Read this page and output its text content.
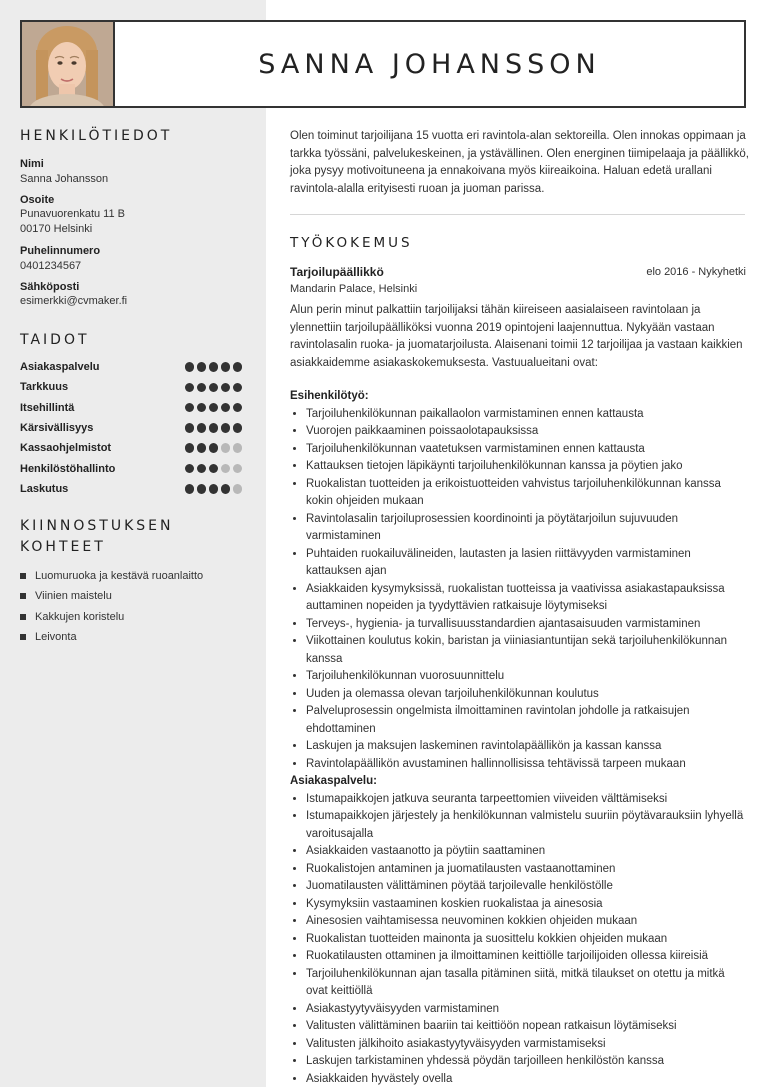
SANNA JOHANSSON
HENKILÖTIEDOT
Nimi
Sanna Johansson
Osoite
Punavuorenkatu 11 B
00170 Helsinki
Puhelinnumero
0401234567
Sähköposti
esimerkki@cvmaker.fi
TAIDOT
Asiakaspalvelu
Tarkkuus
Itsehillintä
Kärsivällisyys
Kassaohjelmistot
Henkilöstöhallinto
Laskutus
KIINNOSTUKSEN
KOHTEET
Luomuruoka ja kestävä ruoanlaitto
Viinien maistelu
Kakkujen koristelu
Leivonta

Olen toiminut tarjoilijana 15 vuotta eri ravintola-alan sektoreilla. Olen innokas oppimaan ja tarkka työssäni, palvelukeskeinen, ja ystävällinen. Olen energinen tiimipelaaja ja päällikkö, joka pysyy motivoituneena ja ennakoivana myös kiireaikoina. Haluan edetä urallani ravintola-alalla erityisesti ruoan ja juoman parissa.

TYÖKOKEMUS
Tarjoilupäällikkö	elo 2016 - Nykyhetki
Mandarin Palace, Helsinki

Alun perin minut palkattiin tarjoilijaksi tähän kiireiseen aasialaiseen ravintolaan ja ylennettiin tarjoilupäälliköksi vuonna 2019 opintojeni laajennuttua. Nykyään vastaan ravintolasalin ruoka- ja juomatarjoilusta. Alaisenani toimii 12 tarjoilijaa ja vastaan kaikkien asiakkaidemme asiakaskokemuksesta. Vastuualueitani ovat:

Esihenkilötyö:
• Tarjoiluhenkilökunnan paikallaolon varmistaminen ennen kattausta
• Vuorojen paikkaaminen poissaolotapauksissa
• Tarjoiluhenkilökunnan vaatetuksen varmistaminen ennen kattausta
• Kattauksen tietojen läpikäynti tarjoiluhenkilökunnan kanssa ja pöytien jako
• Ruokalistan tuotteiden ja erikoistuotteiden vahvistus tarjoiluhenkilökunnan kanssa kokin ohjeiden mukaan
• Ravintolasalin tarjoiluprosessien koordinointi ja pöytätarjoilun sujuvuuden varmistaminen
• Puhtaiden ruokailuvälineiden, lautasten ja lasien riittävyyden varmistaminen kattauksen ajan
• Asiakkaiden kysymyksissä, ruokalistan tuotteissa ja vaativissa asiakastapauksissa auttaminen nopeiden ja tyydyttävien ratkaisuje löytymiseksi
• Terveys-, hygienia- ja turvallisuusstandardien ajantasaisuuden varmistaminen
• Viikottainen koulutus kokin, baristan ja viiniasiantuntijan sekä tarjoiluhenkilökunnan kanssa
• Tarjoiluhenkilökunnan vuorosuunnittelu
• Uuden ja olemassa olevan tarjoiluhenkilökunnan koulutus
• Palveluprosessin ongelmista ilmoittaminen ravintolan johdolle ja ratkaisujen ehdottaminen
• Laskujen ja maksujen laskeminen ravintolapäällikön ja kassan kanssa
• Ravintolapäällikön avustaminen hallinnollisissa tehtävissä tarpeen mukaan
Asiakaspalvelu:
• Istumapaikkojen jatkuva seuranta tarpeettomien viiveiden välttämiseksi
• Istumapaikkojen järjestely ja henkilökunnan valmistelu suuriin pöytävarauksiin lyhyellä varoitusajalla
• Asiakkaiden vastaanotto ja pöytiin saattaminen
• Ruokalistojen antaminen ja juomatilausten vastaanottaminen
• Juomatilausten välittäminen pöytää tarjoilevalle henkilöstölle
• Kysymyksiin vastaaminen koskien ruokalistaa ja ainesosia
• Ainesosien vaihtamisessa neuvominen kokkien ohjeiden mukaan
• Ruokalistan tuotteiden mainonta ja suosittelu kokkien ohjeiden mukaan
• Ruokatilausten ottaminen ja ilmoittaminen keittiölle tarjoilijoiden ollessa kiireisiä
• Tarjoiluhenkilökunnan ajan tasalla pitäminen siitä, mitkä tilaukset on otettu ja mitkä ovat keittiöllä
• Asiakastyytyväisyyden varmistaminen
• Valitusten välittäminen baariin tai keittiöön nopean ratkaisun löytämiseksi
• Valitusten jälkihoito asiakastyytyväisyyden varmistamiseksi
• Laskujen tarkistaminen yhdessä pöydän tarjoilleen henkilöstön kanssa
• Asiakkaiden hyvästely ovella
